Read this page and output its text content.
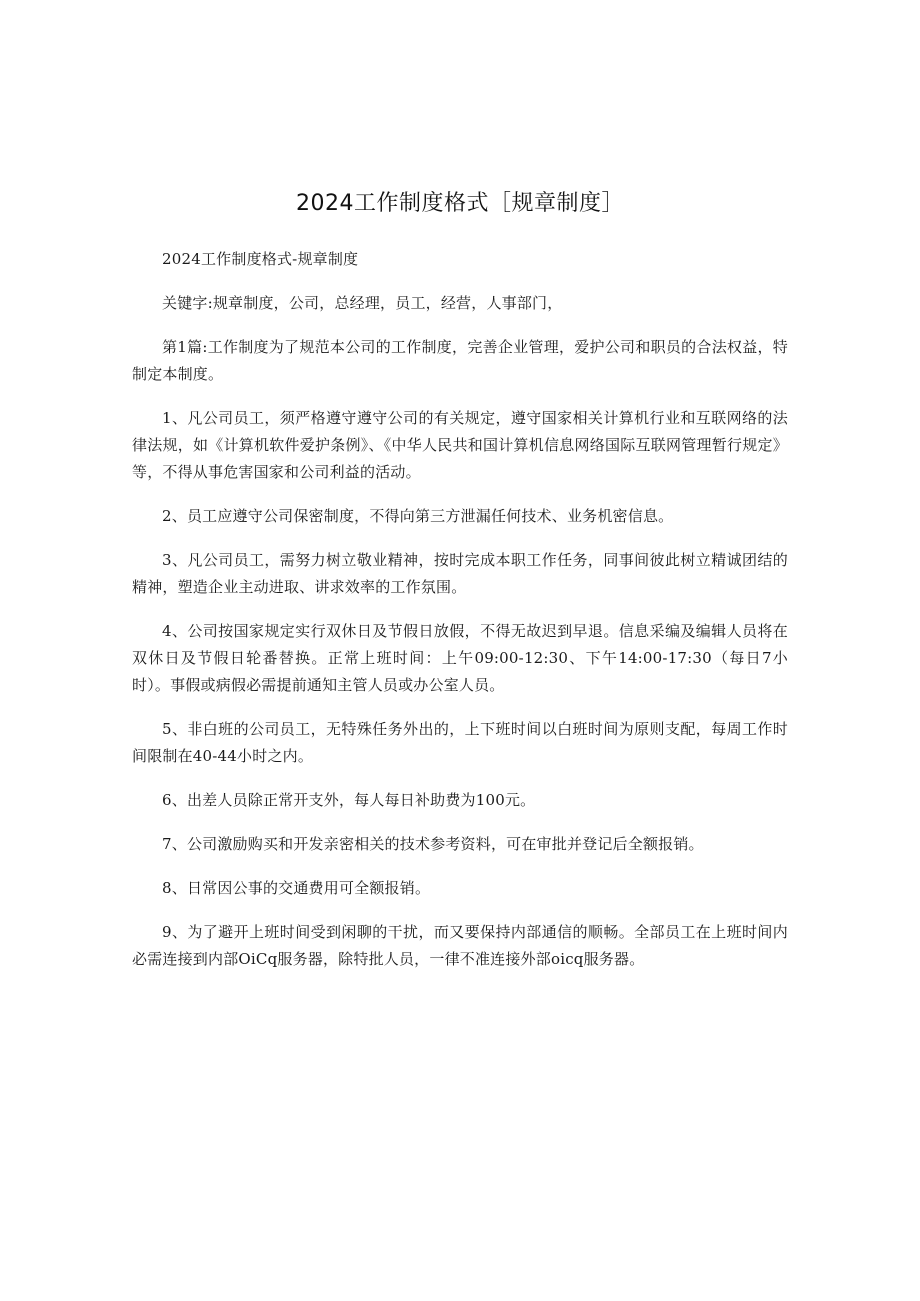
2024工作制度格式［规章制度］

2024工作制度格式-规章制度

关键字:规章制度，公司，总经理，员工，经营，人事部门，

第1篇:工作制度为了规范本公司的工作制度，完善企业管理，爱护公司和职员的合法权益，特制定本制度。

1、凡公司员工，须严格遵守遵守公司的有关规定，遵守国家相关计算机行业和互联网络的法律法规，如《计算机软件爱护条例》、《中华人民共和国计算机信息网络国际互联网管理暂行规定》等，不得从事危害国家和公司利益的活动。

2、员工应遵守公司保密制度，不得向第三方泄漏任何技术、业务机密信息。

3、凡公司员工，需努力树立敬业精神，按时完成本职工作任务，同事间彼此树立精诚团结的精神，塑造企业主动进取、讲求效率的工作氛围。

4、公司按国家规定实行双休日及节假日放假，不得无故迟到早退。信息采编及编辑人员将在双休日及节假日轮番替换。正常上班时间：上午09:00-12:30、下午14:00-17:30（每日7小时）。事假或病假必需提前通知主管人员或办公室人员。

5、非白班的公司员工，无特殊任务外出的，上下班时间以白班时间为原则支配，每周工作时间限制在40-44小时之内。

6、出差人员除正常开支外，每人每日补助费为100元。

7、公司激励购买和开发亲密相关的技术参考资料，可在审批并登记后全额报销。

8、日常因公事的交通费用可全额报销。

9、为了避开上班时间受到闲聊的干扰，而又要保持内部通信的顺畅。全部员工在上班时间内必需连接到内部OiCq服务器，除特批人员，一律不准连接外部oicq服务器。
